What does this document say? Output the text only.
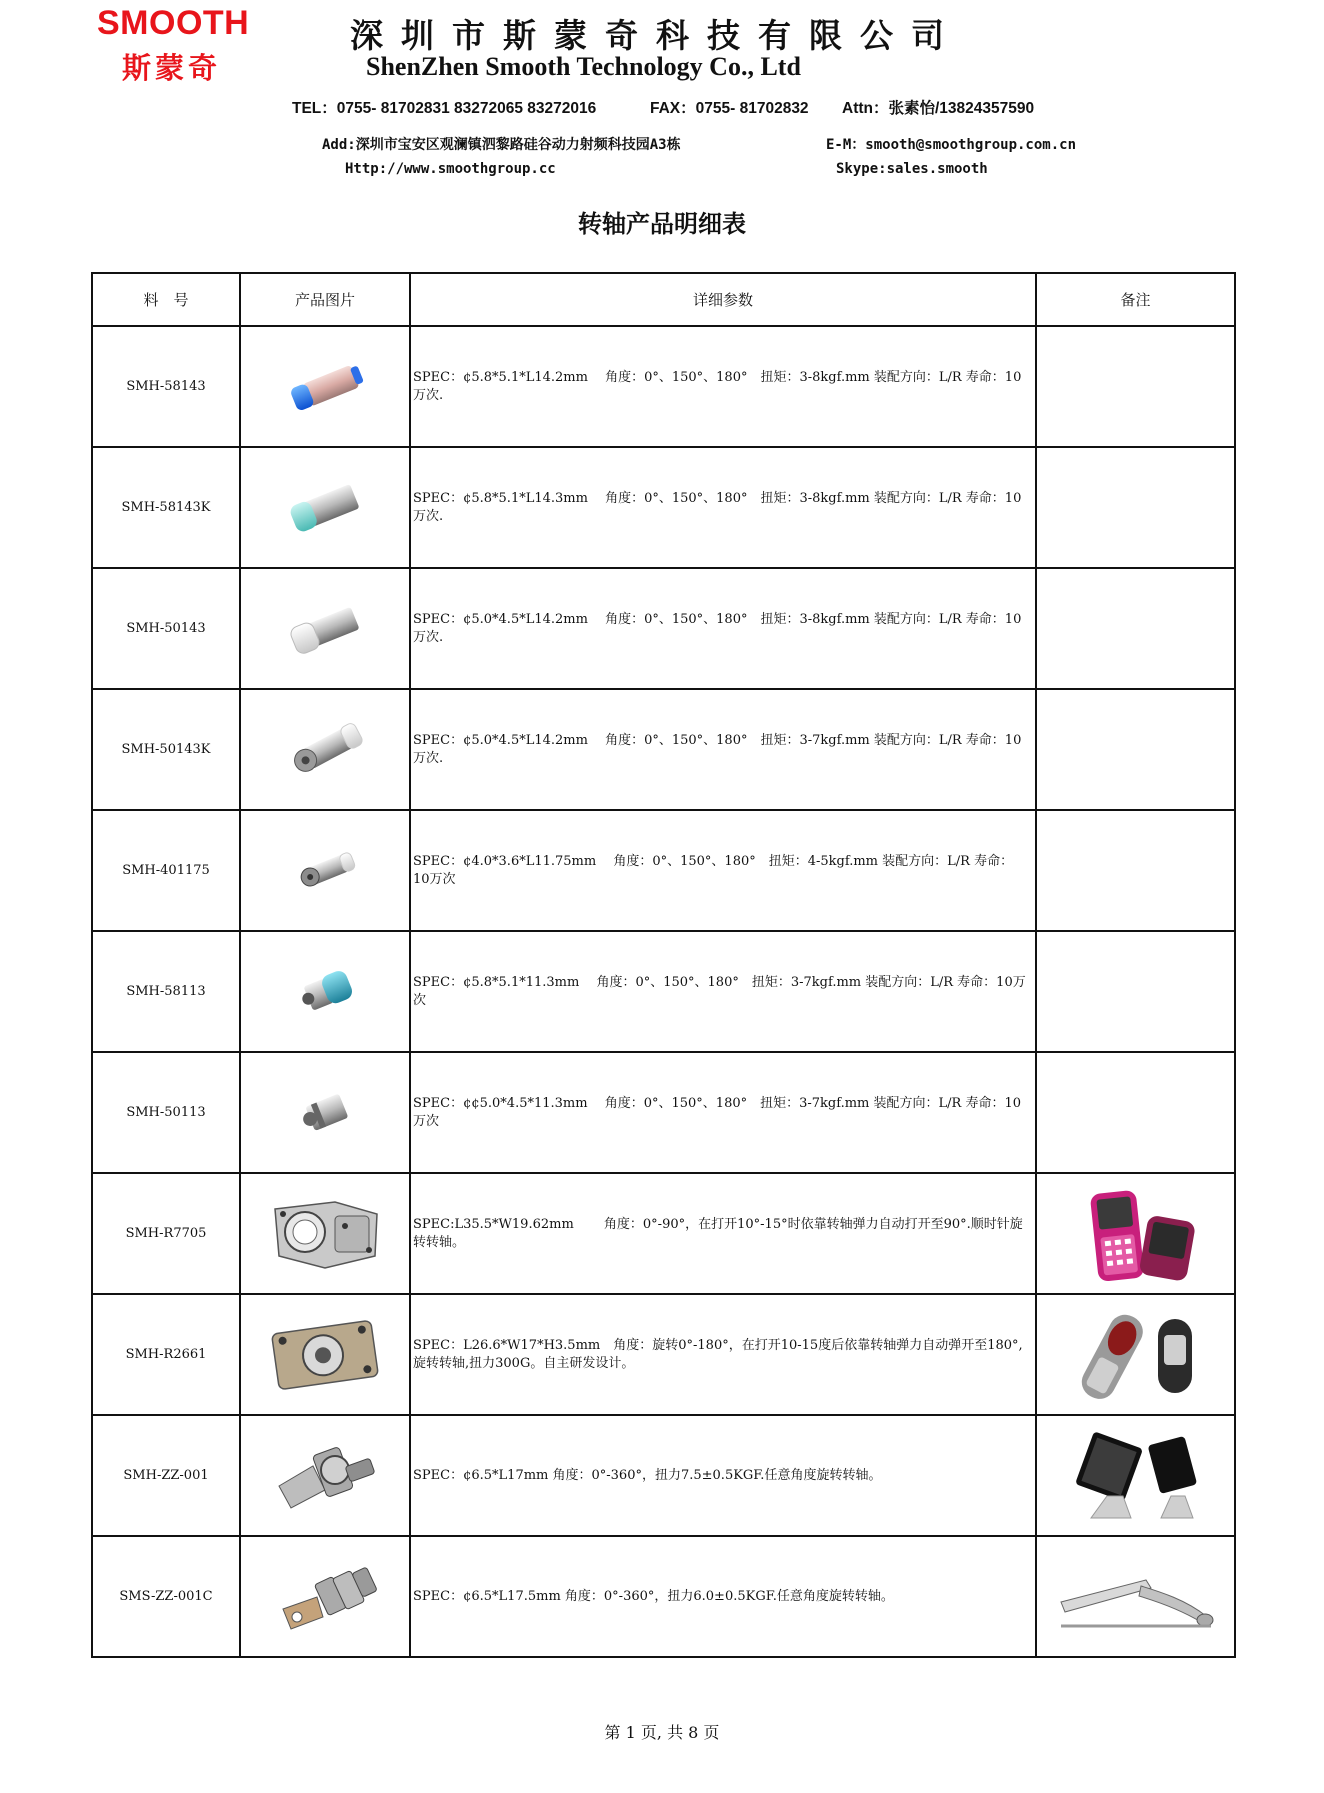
SMOOTH
斯蒙奇
深圳市斯蒙奇科技有限公司
ShenZhen Smooth Technology Co., Ltd
TEL：0755- 81702831 83272065 83272016	FAX：0755- 81702832 Attn：张素怡/13824357590
Add:深圳市宝安区观澜镇泗黎路硅谷动力射频科技园A3栋	E-M：smooth@smoothgroup.com.cn
Http://www.smoothgroup.cc	Skype:sales.smooth
转轴产品明细表
料　号	产品图片	详细参数	备注
SMH-58143		SPEC：¢5.8*5.1*L14.2mm　 角度：0°、150°、180°　扭矩：3-8kgf.mm 装配方向：L/R 寿命：10万次.	
SMH-58143K		SPEC：¢5.8*5.1*L14.3mm　 角度：0°、150°、180°　扭矩：3-8kgf.mm 装配方向：L/R 寿命：10万次.	
SMH-50143		SPEC：¢5.0*4.5*L14.2mm　 角度：0°、150°、180°　扭矩：3-8kgf.mm 装配方向：L/R 寿命：10万次.	
SMH-50143K		SPEC：¢5.0*4.5*L14.2mm　 角度：0°、150°、180°　扭矩：3-7kgf.mm 装配方向：L/R 寿命：10万次.	
SMH-401175		SPEC：¢4.0*3.6*L11.75mm　 角度：0°、150°、180°　扭矩：4-5kgf.mm 装配方向：L/R 寿命：10万次	
SMH-58113		SPEC：¢5.8*5.1*11.3mm　 角度：0°、150°、180°　扭矩：3-7kgf.mm 装配方向：L/R 寿命：10万次	
SMH-50113		SPEC：¢¢5.0*4.5*11.3mm　 角度：0°、150°、180°　扭矩：3-7kgf.mm 装配方向：L/R 寿命：10万次	
SMH-R7705		SPEC:L35.5*W19.62mm　　 角度：0°-90°，在打开10°-15°时依靠转轴弹力自动打开至90°.顺时针旋转转轴。	
SMH-R2661		SPEC：L26.6*W17*H3.5mm　角度：旋转0°-180°，在打开10-15度后依靠转轴弹力自动弹开至180°,旋转转轴,扭力300G。自主研发设计。	
SMH-ZZ-001		SPEC：¢6.5*L17mm 角度：0°-360°，扭力7.5±0.5KGF.任意角度旋转转轴。	
SMS-ZZ-001C		SPEC：¢6.5*L17.5mm 角度：0°-360°，扭力6.0±0.5KGF.任意角度旋转转轴。	
第 1 页, 共 8 页
